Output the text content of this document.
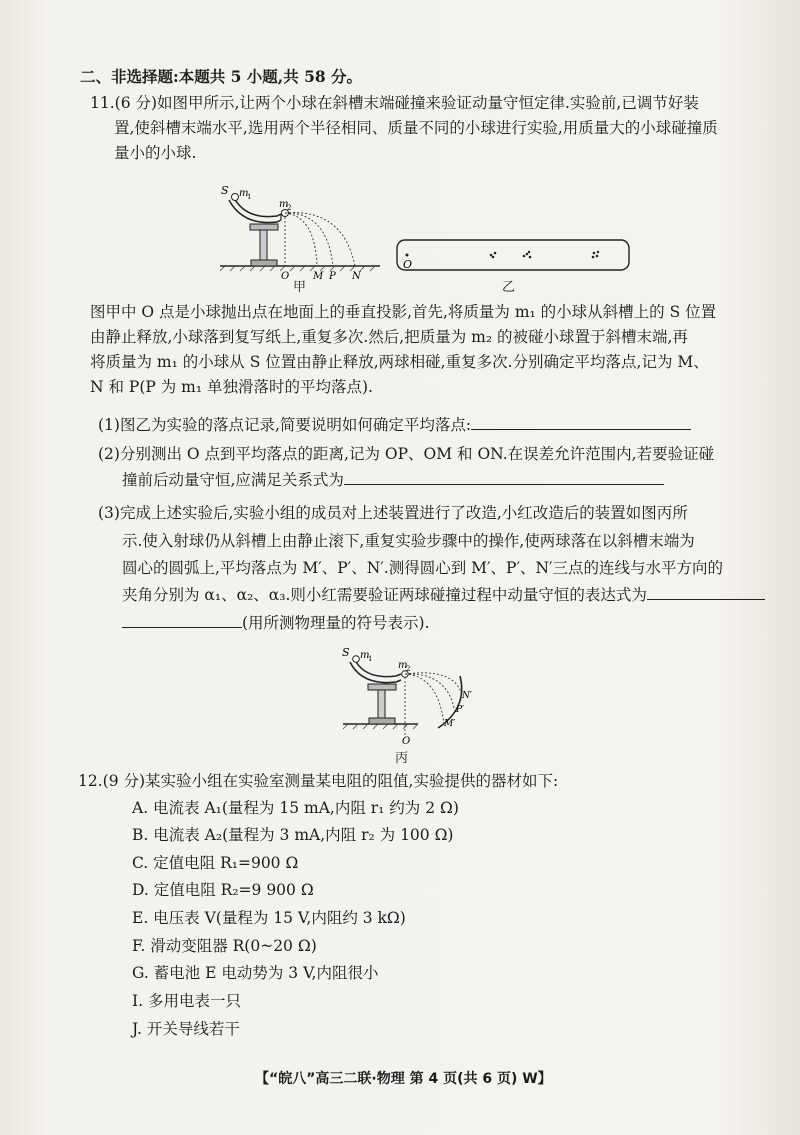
二、非选择题:本题共 5 小题,共 58 分。
11.(6 分)如图甲所示,让两个小球在斜槽末端碰撞来验证动量守恒定律.实验前,已调节好装
置,使斜槽末端水平,选用两个半径相同、质量不同的小球进行实验,用质量大的小球碰撞质
量小的小球.
S m
1
m
2
O M P N
甲
O
乙
图甲中 O 点是小球抛出点在地面上的垂直投影,首先,将质量为 m₁ 的小球从斜槽上的 S 位置
由静止释放,小球落到复写纸上,重复多次.然后,把质量为 m₂ 的被碰小球置于斜槽末端,再
将质量为 m₁ 的小球从 S 位置由静止释放,两球相碰,重复多次.分别确定平均落点,记为 M、
N 和 P(P 为 m₁ 单独滑落时的平均落点).
(1)图乙为实验的落点记录,简要说明如何确定平均落点:
(2)分别测出 O 点到平均落点的距离,记为 OP、OM 和 ON.在误差允许范围内,若要验证碰
撞前后动量守恒,应满足关系式为
(3)完成上述实验后,实验小组的成员对上述装置进行了改造,小红改造后的装置如图丙所
示.使入射球仍从斜槽上由静止滚下,重复实验步骤中的操作,使两球落在以斜槽末端为
圆心的圆弧上,平均落点为 M′、P′、N′.测得圆心到 M′、P′、N′三点的连线与水平方向的
夹角分别为 α₁、α₂、α₃.则小红需要验证两球碰撞过程中动量守恒的表达式为
(用所测物理量的符号表示).
S m
1
m
2
N′
P′
M′
O
丙
12.(9 分)某实验小组在实验室测量某电阻的阻值,实验提供的器材如下:
A. 电流表 A₁(量程为 15 mA,内阻 r₁ 约为 2 Ω)
B. 电流表 A₂(量程为 3 mA,内阻 r₂ 为 100 Ω)
C. 定值电阻 R₁=900 Ω
D. 定值电阻 R₂=9 900 Ω
E. 电压表 V(量程为 15 V,内阻约 3 kΩ)
F. 滑动变阻器 R(0~20 Ω)
G. 蓄电池 E 电动势为 3 V,内阻很小
I. 多用电表一只
J. 开关导线若干
【“皖八”高三二联·物理 第 4 页(共 6 页) W】
